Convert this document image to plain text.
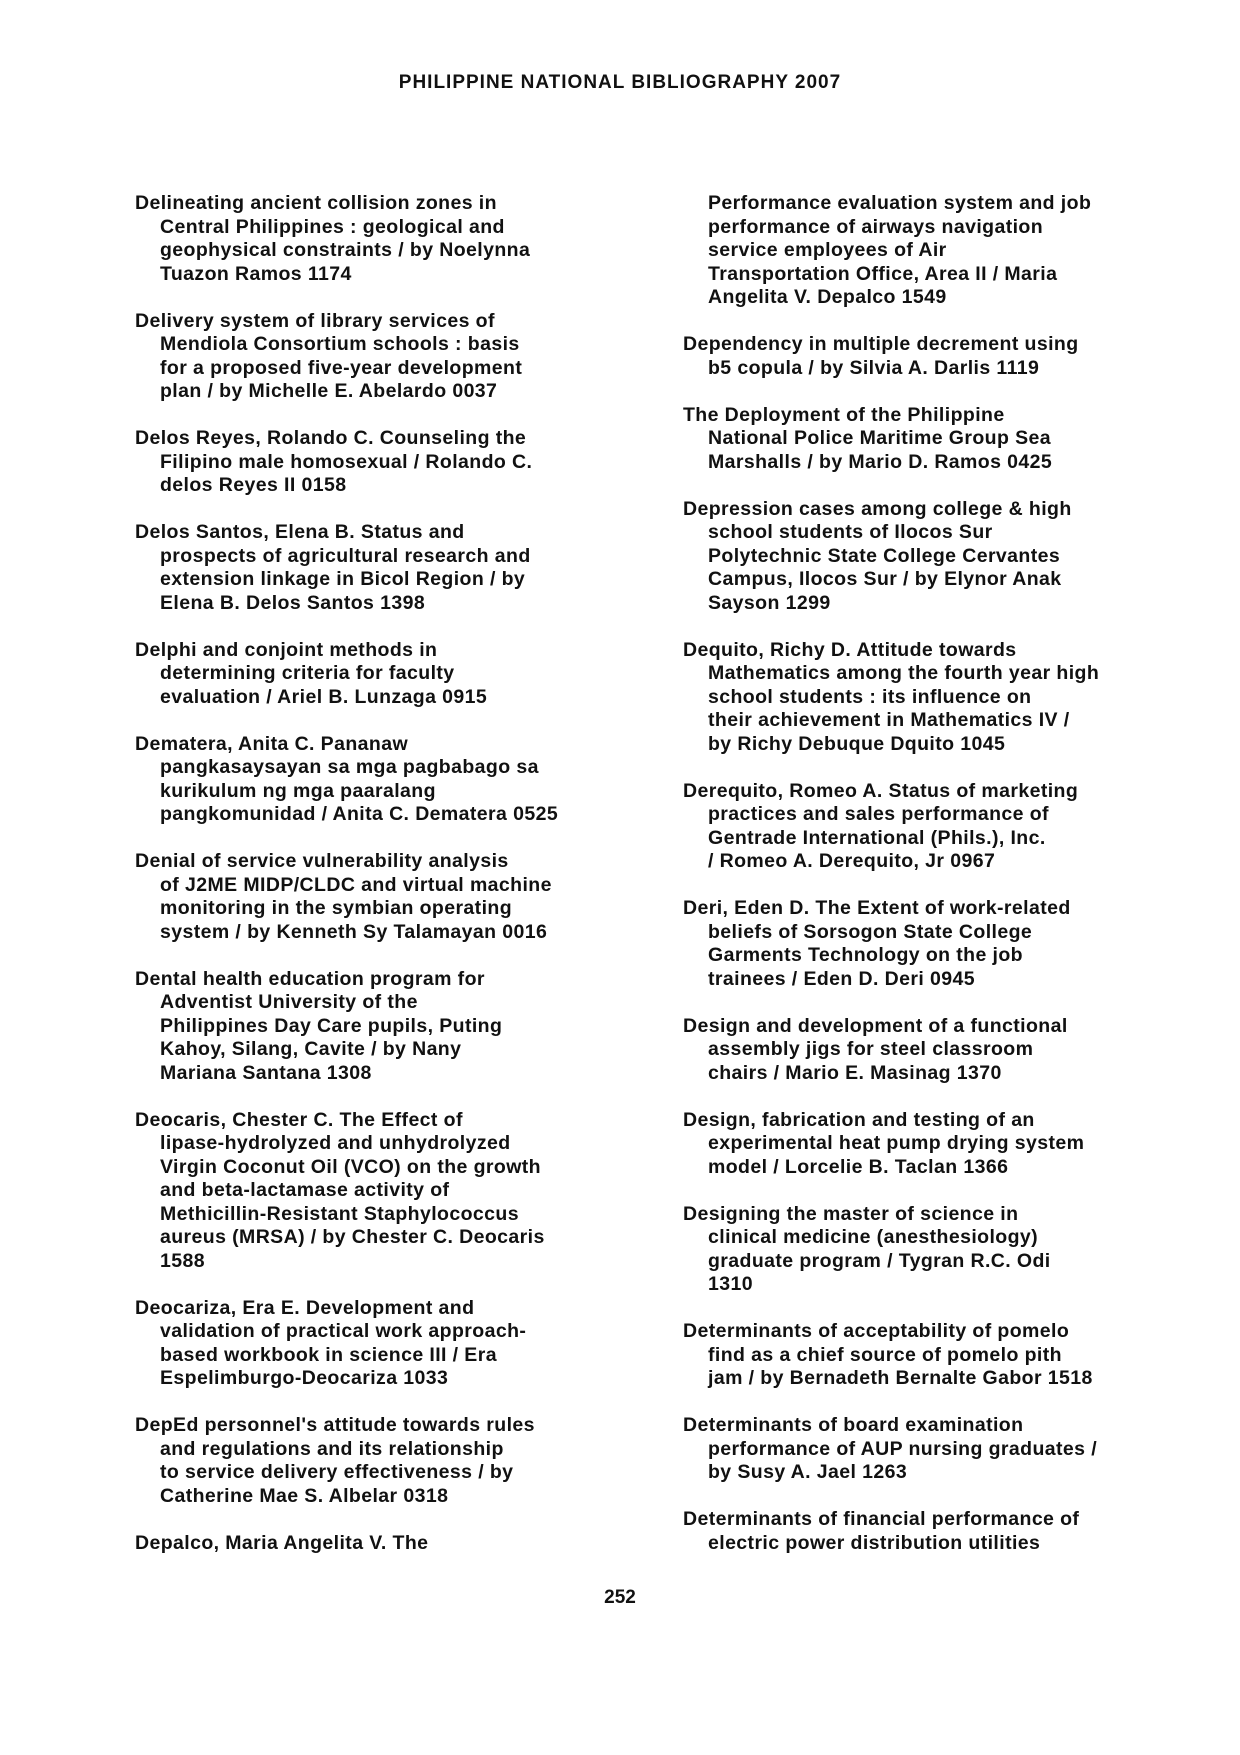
PHILIPPINE NATIONAL BIBLIOGRAPHY 2007
Delineating ancient collision zones in
Central Philippines : geological and
geophysical constraints / by Noelynna
Tuazon Ramos 1174
Delivery system of library services of
Mendiola Consortium schools : basis
for a proposed five-year development
plan / by Michelle E. Abelardo 0037
Delos Reyes, Rolando C. Counseling the
Filipino male homosexual / Rolando C.
delos Reyes II 0158
Delos Santos, Elena B. Status and
prospects of agricultural research and
extension linkage in Bicol Region / by
Elena B. Delos Santos 1398
Delphi and conjoint methods in
determining criteria for faculty
evaluation / Ariel B. Lunzaga 0915
Dematera, Anita C. Pananaw
pangkasaysayan sa mga pagbabago sa
kurikulum ng mga paaralang
pangkomunidad / Anita C. Dematera 0525
Denial of service vulnerability analysis
of J2ME MIDP/CLDC and virtual machine
monitoring in the symbian operating
system / by Kenneth Sy Talamayan 0016
Dental health education program for
Adventist University of the
Philippines Day Care pupils, Puting
Kahoy, Silang, Cavite / by Nany
Mariana Santana 1308
Deocaris, Chester C. The Effect of
lipase-hydrolyzed and unhydrolyzed
Virgin Coconut Oil (VCO) on the growth
and beta-lactamase activity of
Methicillin-Resistant Staphylococcus
aureus (MRSA) / by Chester C. Deocaris
1588
Deocariza, Era E. Development and
validation of practical work approach-
based workbook in science III / Era
Espelimburgo-Deocariza 1033
DepEd personnel's attitude towards rules
and regulations and its relationship
to service delivery effectiveness / by
Catherine Mae S. Albelar 0318
Depalco, Maria Angelita V. The
Performance evaluation system and job
performance of airways navigation
service employees of Air
Transportation Office, Area II / Maria
Angelita V. Depalco 1549
Dependency in multiple decrement using
b5 copula / by Silvia A. Darlis 1119
The Deployment of the Philippine
National Police Maritime Group Sea
Marshalls / by Mario D. Ramos 0425
Depression cases among college & high
school students of Ilocos Sur
Polytechnic State College Cervantes
Campus, Ilocos Sur / by Elynor Anak
Sayson 1299
Dequito, Richy D. Attitude towards
Mathematics among the fourth year high
school students : its influence on
their achievement in Mathematics IV /
by Richy Debuque Dquito 1045
Derequito, Romeo A. Status of marketing
practices and sales performance of
Gentrade International (Phils.), Inc.
/ Romeo A. Derequito, Jr 0967
Deri, Eden D. The Extent of work-related
beliefs of Sorsogon State College
Garments Technology on the job
trainees / Eden D. Deri 0945
Design and development of a functional
assembly jigs for steel classroom
chairs / Mario E. Masinag 1370
Design, fabrication and testing of an
experimental heat pump drying system
model / Lorcelie B. Taclan 1366
Designing the master of science in
clinical medicine (anesthesiology)
graduate program / Tygran R.C. Odi
1310
Determinants of acceptability of pomelo
find as a chief source of pomelo pith
jam / by Bernadeth Bernalte Gabor 1518
Determinants of board examination
performance of AUP nursing graduates /
by Susy A. Jael 1263
Determinants of financial performance of
electric power distribution utilities
252
